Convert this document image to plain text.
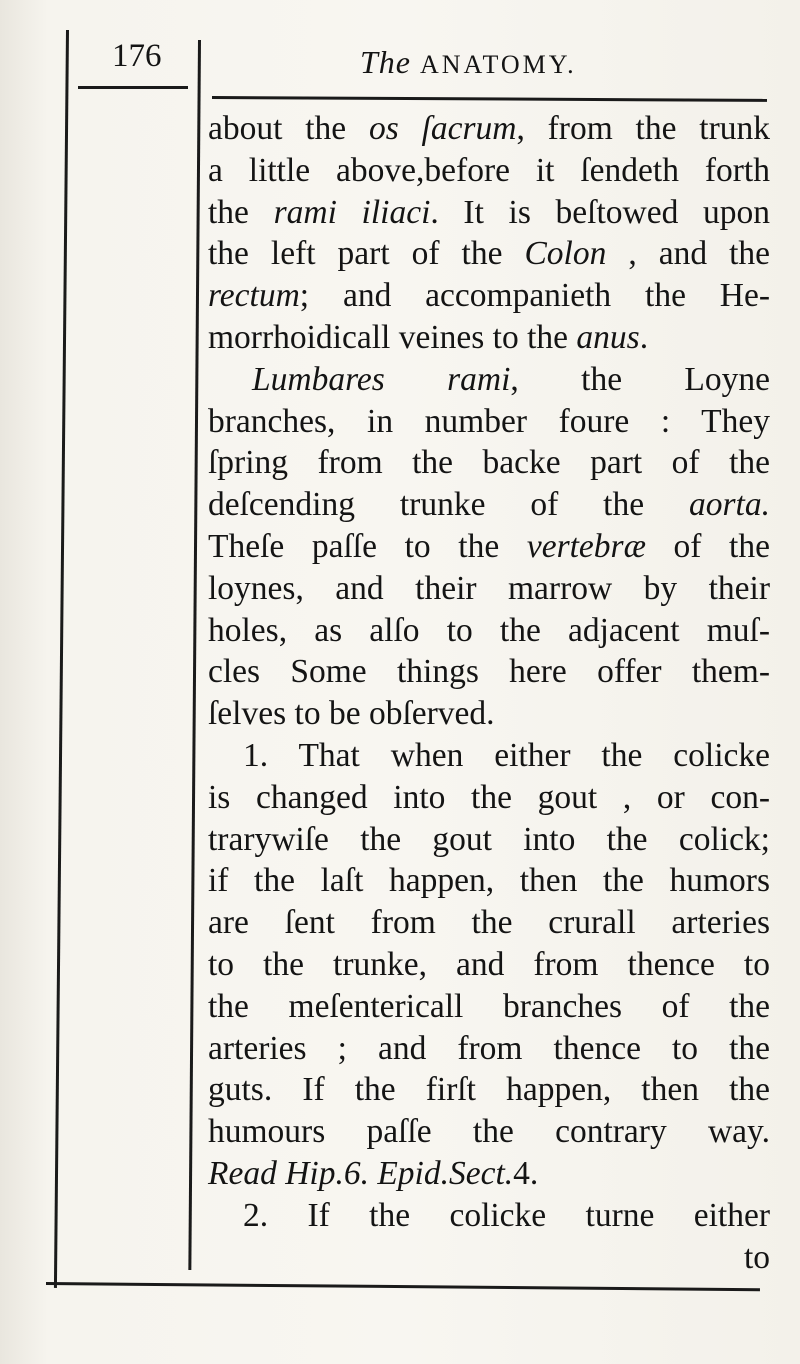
176	The ANATOMY.
about the os ſacrum, from the trunk
a little above,before it ſendeth forth
the rami iliaci. It is beſtowed upon
the left part of the Colon , and the
rectum; and accompanieth the He-
morrhoidicall veines to the anus.
Lumbares rami, the Loyne
branches, in number foure : They
ſpring from the backe part of the
deſcending trunke of the aorta.
Theſe paſſe to the vertebræ of the
loynes, and their marrow by their
holes, as alſo to the adjacent muſ-
cles Some things here offer them-
ſelves to be obſerved.
1. That when either the colicke
is changed into the gout , or con-
trarywiſe the gout into the colick;
if the laſt happen, then the humors
are ſent from the crurall arteries
to the trunke, and from thence to
the meſentericall branches of the
arteries ; and from thence to the
guts. If the firſt happen, then the
humours paſſe the contrary way.
Read Hip.6. Epid.Sect.4.
2. If the colicke turne either
to
